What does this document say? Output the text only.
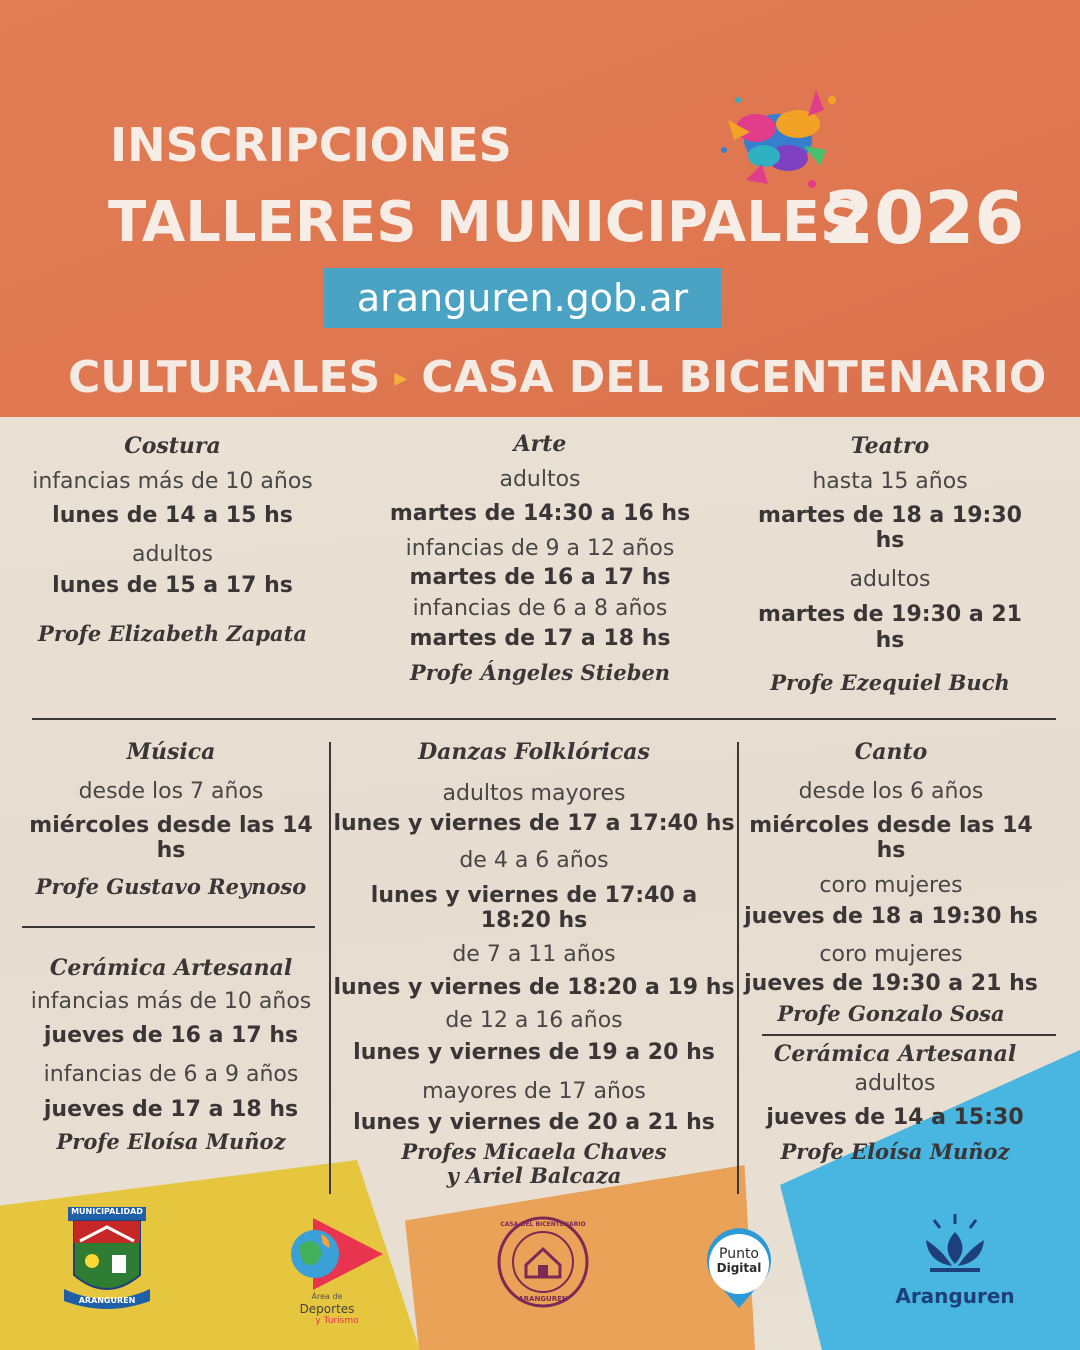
INSCRIPCIONES
TALLERES MUNICIPALES
2026
aranguren.gob.ar
CULTURALES ▸ CASA DEL BICENTENARIO
Costura
infancias más de 10 años
lunes de 14 a 15 hs
adultos
lunes de 15 a 17 hs
Profe Elizabeth Zapata
Arte
adultos
martes de 14:30 a 16 hs
infancias de 9 a 12 años
martes de 16 a 17 hs
infancias de 6 a 8 años
martes de 17 a 18 hs
Profe Ángeles Stieben
Teatro
hasta 15 años
martes de 18 a 19:30 hs
adultos
martes de 19:30 a 21 hs
Profe Ezequiel Buch
Música
desde los 7 años
miércoles desde las 14 hs
Profe Gustavo Reynoso
Cerámica Artesanal
infancias más de 10 años
jueves de 16 a 17 hs
infancias de 6 a 9 años
jueves de 17 a 18 hs
Profe Eloísa Muñoz
Danzas Folklóricas
adultos mayores
lunes y viernes de 17 a 17:40 hs
de 4 a 6 años
lunes y viernes de 17:40 a 18:20 hs
de 7 a 11 años
lunes y viernes de 18:20 a 19 hs
de 12 a 16 años
lunes y viernes de 19 a 20 hs
mayores de 17 años
lunes y viernes de 20 a 21 hs
Profes Micaela Chaves
y Ariel Balcaza
Canto
desde los 6 años
miércoles desde las 14 hs
coro mujeres
jueves de 18 a 19:30 hs
coro mujeres
jueves de 19:30 a 21 hs
Profe Gonzalo Sosa
Cerámica Artesanal
adultos
jueves de 14 a 15:30
Profe Eloísa Muñoz
MUNICIPALIDAD
ARANGUREN	Área de
Deportes
y Turismo
CASA DEL BICENTENARIO
ARANGUREN
Punto
Digital
Aranguren
